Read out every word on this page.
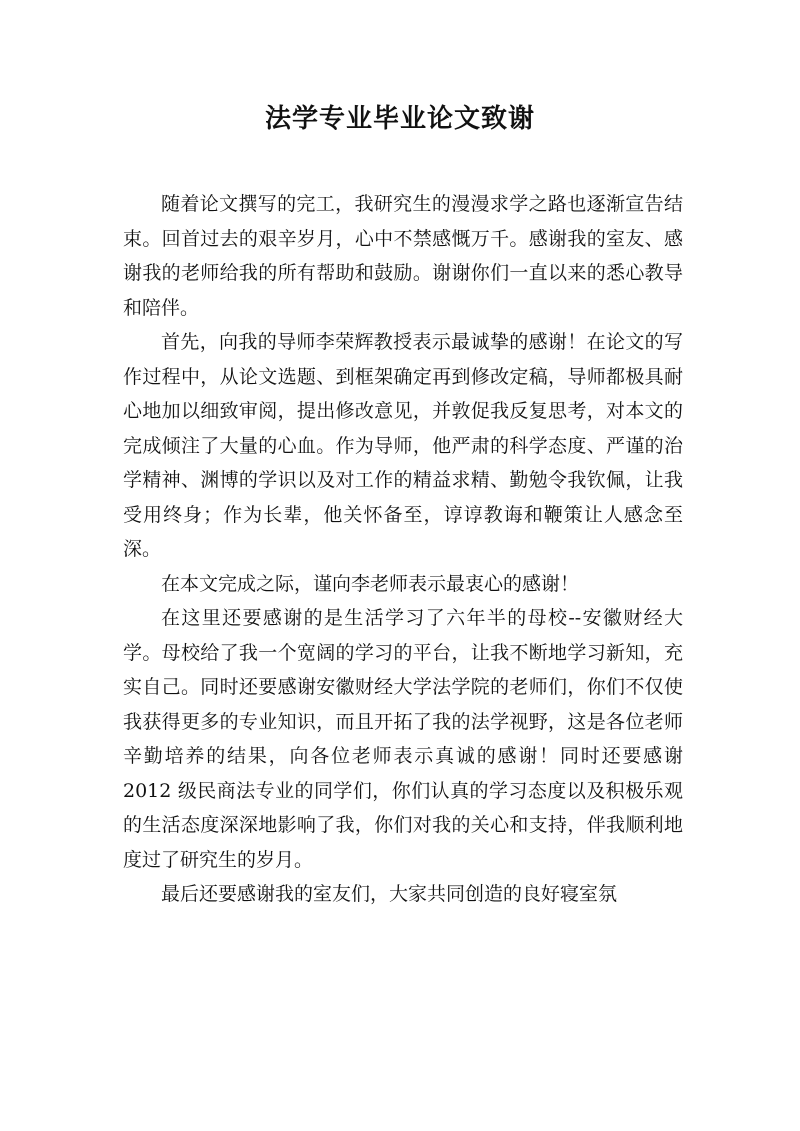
法学专业毕业论文致谢

随着论文撰写的完工，我研究生的漫漫求学之路也逐渐宣告结束。回首过去的艰辛岁月，心中不禁感慨万千。感谢我的室友、感谢我的老师给我的所有帮助和鼓励。谢谢你们一直以来的悉心教导和陪伴。

首先，向我的导师李荣辉教授表示最诚挚的感谢！在论文的写作过程中，从论文选题、到框架确定再到修改定稿，导师都极具耐心地加以细致审阅，提出修改意见，并敦促我反复思考，对本文的完成倾注了大量的心血。作为导师，他严肃的科学态度、严谨的治学精神、渊博的学识以及对工作的精益求精、勤勉令我钦佩，让我受用终身；作为长辈，他关怀备至，谆谆教诲和鞭策让人感念至深。

在本文完成之际，谨向李老师表示最衷心的感谢！

在这里还要感谢的是生活学习了六年半的母校--安徽财经大学。母校给了我一个宽阔的学习的平台，让我不断地学习新知，充实自己。同时还要感谢安徽财经大学法学院的老师们，你们不仅使我获得更多的专业知识，而且开拓了我的法学视野，这是各位老师辛勤培养的结果，向各位老师表示真诚的感谢！同时还要感谢 2012 级民商法专业的同学们，你们认真的学习态度以及积极乐观的生活态度深深地影响了我，你们对我的关心和支持，伴我顺利地度过了研究生的岁月。

最后还要感谢我的室友们，大家共同创造的良好寝室氛
